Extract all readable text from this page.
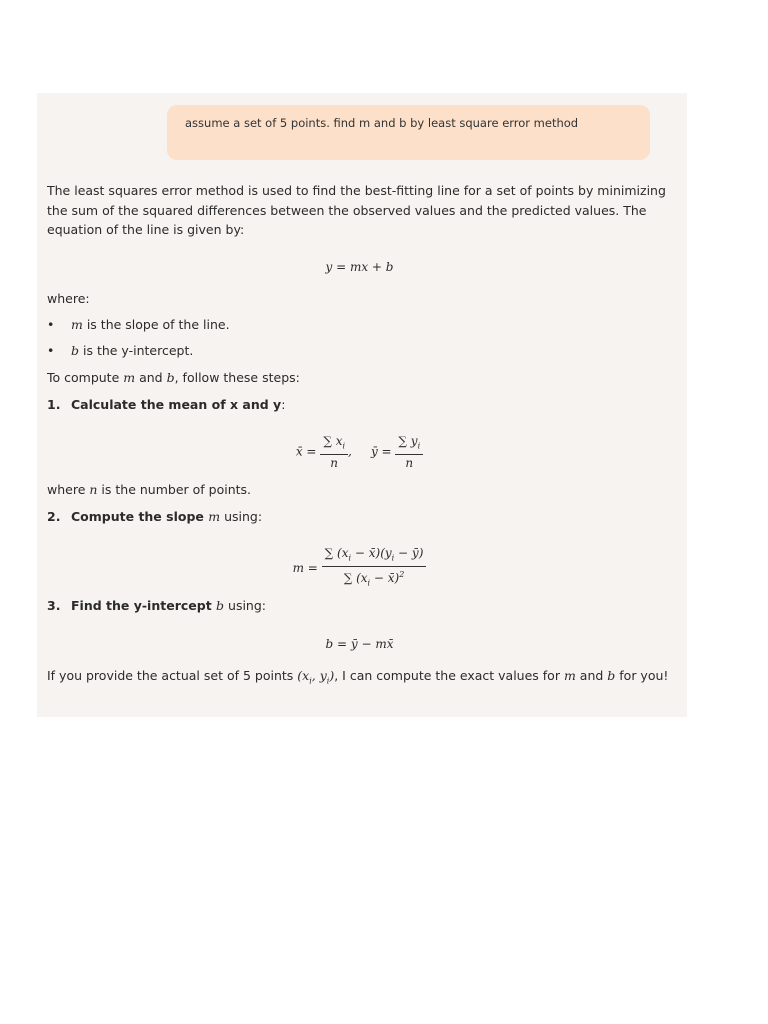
assume a set of 5 points. find m and b by least square error method

The least squares error method is used to find the best-fitting line for a set of points by minimizing the sum of the squared differences between the observed values and the predicted values. The equation of the line is given by:

y = mx + b

where:

• m is the slope of the line.
• b is the y-intercept.

To compute m and b, follow these steps:

1. Calculate the mean of x and y:
x̄ = $\frac{\sum x_i}{n}$ , ȳ = $\frac{\sum y_i}{n}$

where n is the number of points.

2. Compute the slope m using:
$m = \frac{\sum (x_i - x̄)(y_i - ȳ)}{\sum (x_i - x̄)^2}$
3. Find the y-intercept b using:
b = ȳ − mx̄

If you provide the actual set of 5 points ($x_i$, $y_i$), I can compute the exact values for m and b for you!
